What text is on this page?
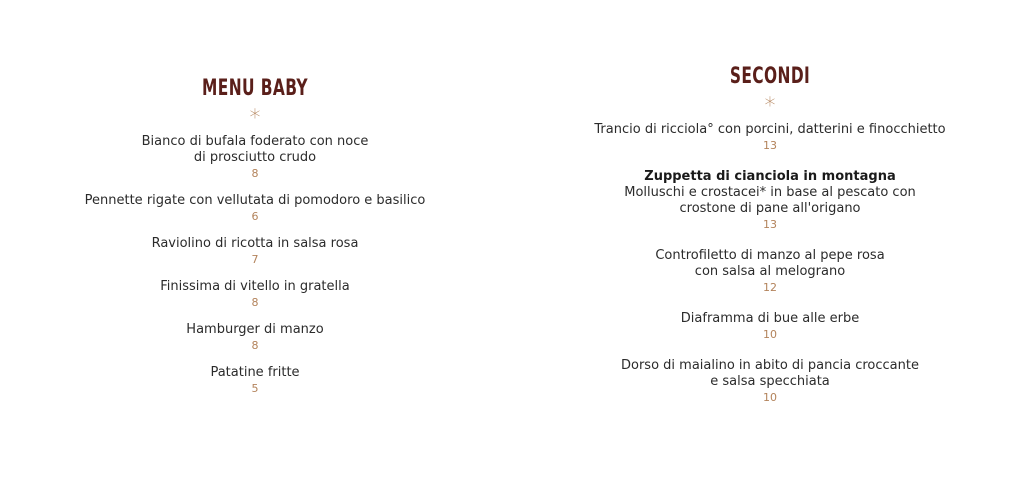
MENU BABY
*
Bianco di bufala foderato con noce
di prosciutto crudo
8
Pennette rigate con vellutata di pomodoro e basilico
6
Raviolino di ricotta in salsa rosa
7
Finissima di vitello in gratella
8
Hamburger di manzo
8
Patatine fritte
5
SECONDI
*
Trancio di ricciola° con porcini, datterini e finocchietto
13
Zuppetta di cianciola in montagna
Molluschi e crostacei* in base al pescato con
crostone di pane all'origano
13
Controfiletto di manzo al pepe rosa
con salsa al melograno
12
Diaframma di bue alle erbe
10
Dorso di maialino in abito di pancia croccante
e salsa specchiata
10
